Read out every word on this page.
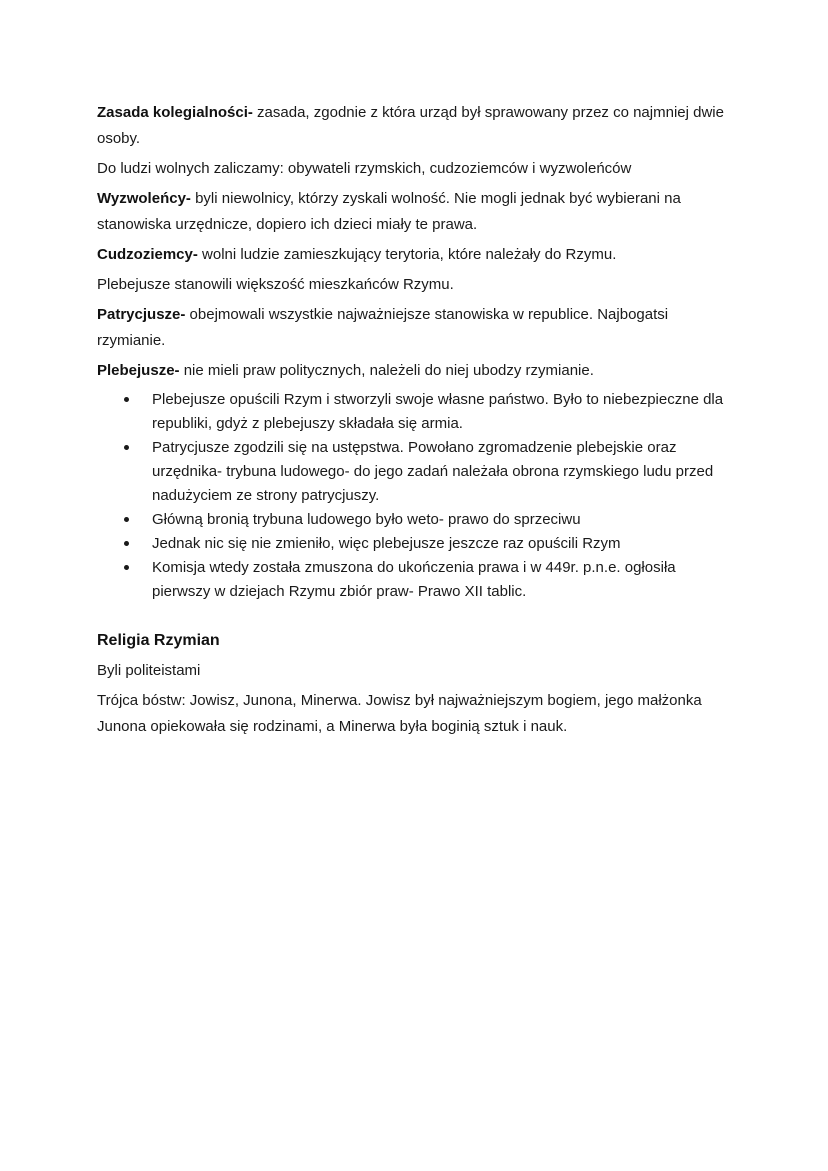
Zasada kolegialności- zasada, zgodnie z która urząd był sprawowany przez co najmniej dwie osoby.

Do ludzi wolnych zaliczamy: obywateli rzymskich, cudzoziemców i wyzwoleńców

Wyzwoleńcy- byli niewolnicy, którzy zyskali wolność. Nie mogli jednak być wybierani na stanowiska urzędnicze, dopiero ich dzieci miały te prawa.

Cudzoziemcy- wolni ludzie zamieszkujący terytoria, które należały do Rzymu.

Plebejusze stanowili większość mieszkańców Rzymu.

Patrycjusze- obejmowali wszystkie najważniejsze stanowiska w republice. Najbogatsi rzymianie.

Plebejusze- nie mieli praw politycznych, należeli do niej ubodzy rzymianie.

Plebejusze opuścili Rzym i stworzyli swoje własne państwo. Było to niebezpieczne dla republiki, gdyż z plebejuszy składała się armia.
Patrycjusze zgodzili się na ustępstwa. Powołano zgromadzenie plebejskie oraz urzędnika- trybuna ludowego- do jego zadań należała obrona rzymskiego ludu przed nadużyciem ze strony patrycjuszy.
Główną bronią trybuna ludowego było weto- prawo do sprzeciwu
Jednak nic się nie zmieniło, więc plebejusze jeszcze raz opuścili Rzym
Komisja wtedy została zmuszona do ukończenia prawa i w 449r. p.n.e. ogłosiła pierwszy w dziejach Rzymu zbiór praw- Prawo XII tablic.
Religia Rzymian

Byli politeistami

Trójca bóstw: Jowisz, Junona, Minerwa. Jowisz był najważniejszym bogiem, jego małżonka Junona opiekowała się rodzinami, a Minerwa była boginią sztuk i nauk.
